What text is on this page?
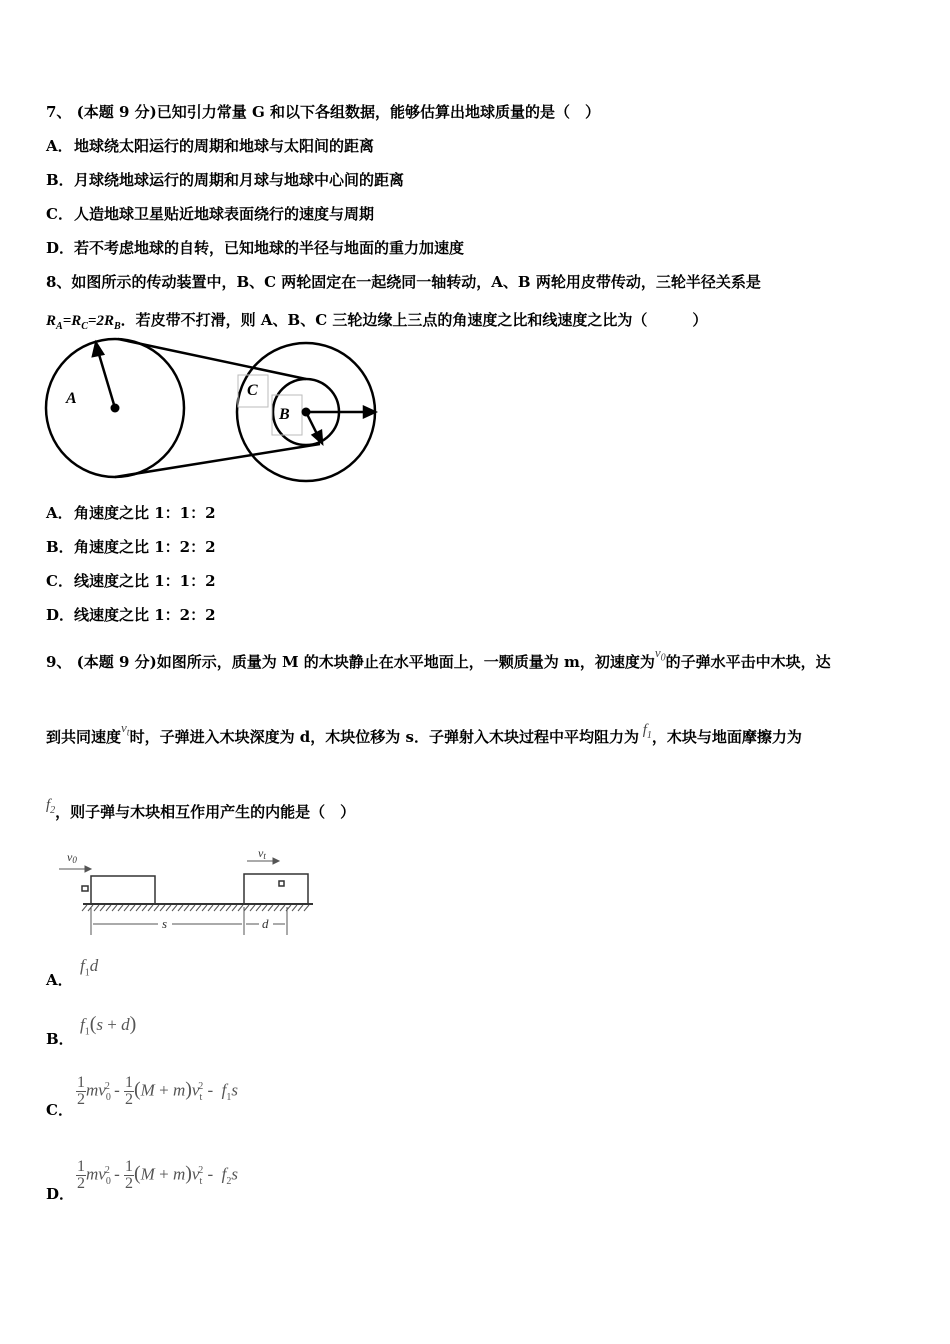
7、 (本题 9 分)已知引力常量 G 和以下各组数据，能够估算出地球质量的是（　）
A．地球绕太阳运行的周期和地球与太阳间的距离
B．月球绕地球运行的周期和月球与地球中心间的距离
C．人造地球卫星贴近地球表面绕行的速度与周期
D．若不考虑地球的自转，已知地球的半径与地面的重力加速度
8、如图所示的传动装置中，B、C 两轮固定在一起绕同一轴转动，A、B 两轮用皮带传动，三轮半径关系是
$R_A=R_C=2R_B$．若皮带不打滑，则 A、B、C 三轮边缘上三点的角速度之比和线速度之比为（　　　）
A	C
B
A．角速度之比 1：1：2
B．角速度之比 1：2：2
C．线速度之比 1：1：2
D．线速度之比 1：2：2
9、 (本题 9 分)如图所示，质量为 M 的木块静止在水平地面上，一颗质量为 m，初速度为$v_0$的子弹水平击中木块，达
到共同速度$v_t$时，子弹进入木块深度为 d，木块位移为 s．子弹射入木块过程中平均阻力为 $f_1$，木块与地面摩擦力为
$f_2$，则子弹与木块相互作用产生的内能是（　）
v0	vt
s	d
A．
$f_1d$
B．
$f_1(s + d)$
C．
$\frac{1}{2} mv_0^2 - \frac{1}{2} (M + m)v_t^2 - f_1s$
D．
$\frac{1}{2} mv_0^2 - \frac{1}{2} (M + m)v_t^2 - f_2s$
